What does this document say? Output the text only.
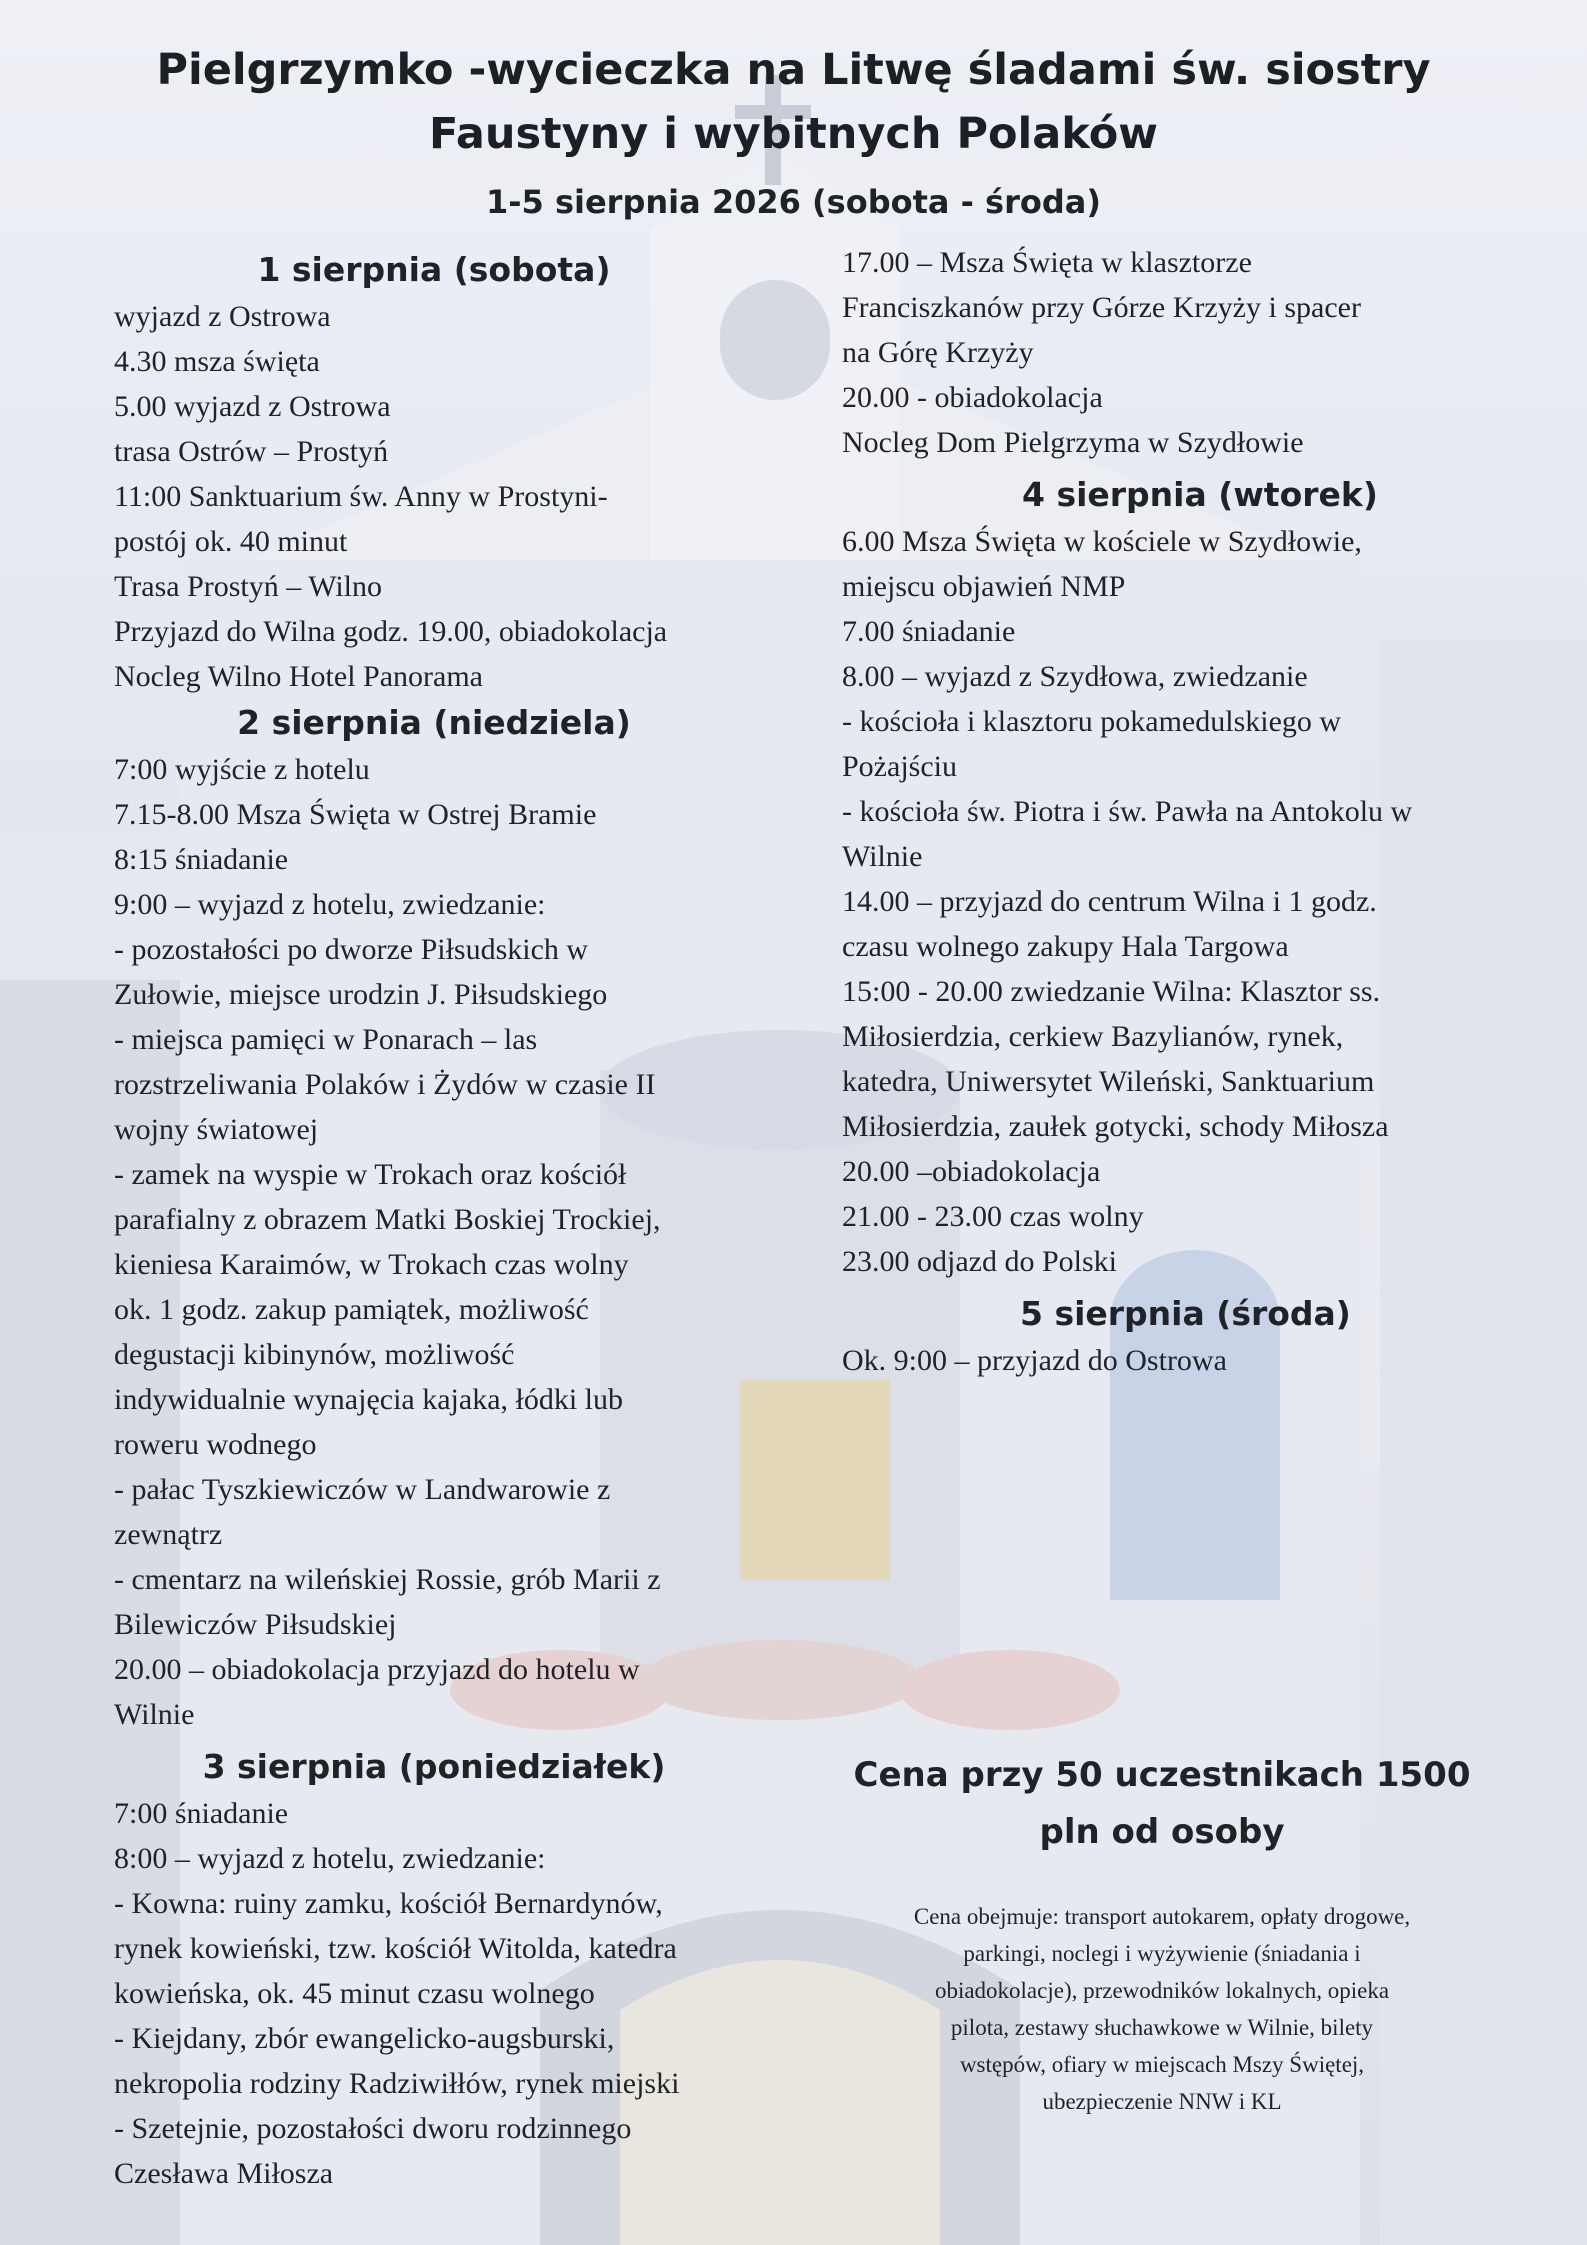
Pielgrzymko -wycieczka na Litwę śladami św. siostry
Faustyny i wybitnych Polaków
1-5 sierpnia 2026 (sobota - środa)

1 sierpnia (sobota)

wyjazd z Ostrowa

4.30 msza święta

5.00 wyjazd z Ostrowa

trasa Ostrów – Prostyń

11:00 Sanktuarium św. Anny w Prostyni-

postój ok. 40 minut

Trasa Prostyń – Wilno

Przyjazd do Wilna godz. 19.00, obiadokolacja

Nocleg Wilno Hotel Panorama

2 sierpnia (niedziela)

7:00 wyjście z hotelu

7.15-8.00 Msza Święta w Ostrej Bramie

8:15 śniadanie

9:00 – wyjazd z hotelu, zwiedzanie:

- pozostałości po dworze Piłsudskich w

Zułowie, miejsce urodzin J. Piłsudskiego

- miejsca pamięci w Ponarach – las

rozstrzeliwania Polaków i Żydów w czasie II

wojny światowej

- zamek na wyspie w Trokach oraz kościół

parafialny z obrazem Matki Boskiej Trockiej,

kieniesa Karaimów, w Trokach czas wolny

ok. 1 godz. zakup pamiątek, możliwość

degustacji kibinynów, możliwość

indywidualnie wynajęcia kajaka, łódki lub

roweru wodnego

- pałac Tyszkiewiczów w Landwarowie z

zewnątrz

- cmentarz na wileńskiej Rossie, grób Marii z

Bilewiczów Piłsudskiej

20.00 – obiadokolacja przyjazd do hotelu w

Wilnie

3 sierpnia (poniedziałek)

7:00 śniadanie

8:00 – wyjazd z hotelu, zwiedzanie:

- Kowna: ruiny zamku, kościół Bernardynów,

rynek kowieński, tzw. kościół Witolda, katedra

kowieńska, ok. 45 minut czasu wolnego

- Kiejdany, zbór ewangelicko-augsburski,

nekropolia rodziny Radziwiłłów, rynek miejski

- Szetejnie, pozostałości dworu rodzinnego

Czesława Miłosza

17.00 – Msza Święta w klasztorze

Franciszkanów przy Górze Krzyży i spacer

na Górę Krzyży

20.00 - obiadokolacja

Nocleg Dom Pielgrzyma w Szydłowie

4 sierpnia (wtorek)

6.00 Msza Święta w kościele w Szydłowie,

miejscu objawień NMP

7.00 śniadanie

8.00 – wyjazd z Szydłowa, zwiedzanie

- kościoła i klasztoru pokamedulskiego w

Pożajściu

- kościoła św. Piotra i św. Pawła na Antokolu w

Wilnie

14.00 – przyjazd do centrum Wilna i 1 godz.

czasu wolnego zakupy Hala Targowa

15:00 - 20.00 zwiedzanie Wilna: Klasztor ss.

Miłosierdzia, cerkiew Bazylianów, rynek,

katedra, Uniwersytet Wileński, Sanktuarium

Miłosierdzia, zaułek gotycki, schody Miłosza

20.00 –obiadokolacja

21.00 - 23.00 czas wolny

23.00 odjazd do Polski

5 sierpnia (środa)

Ok. 9:00 – przyjazd do Ostrowa

Cena przy 50 uczestnikach 1500
pln od osoby
Cena obejmuje: transport autokarem, opłaty drogowe,
parkingi, noclegi i wyżywienie (śniadania i
obiadokolacje), przewodników lokalnych, opieka
pilota, zestawy słuchawkowe w Wilnie, bilety
wstępów, ofiary w miejscach Mszy Świętej,
ubezpieczenie NNW i KL
